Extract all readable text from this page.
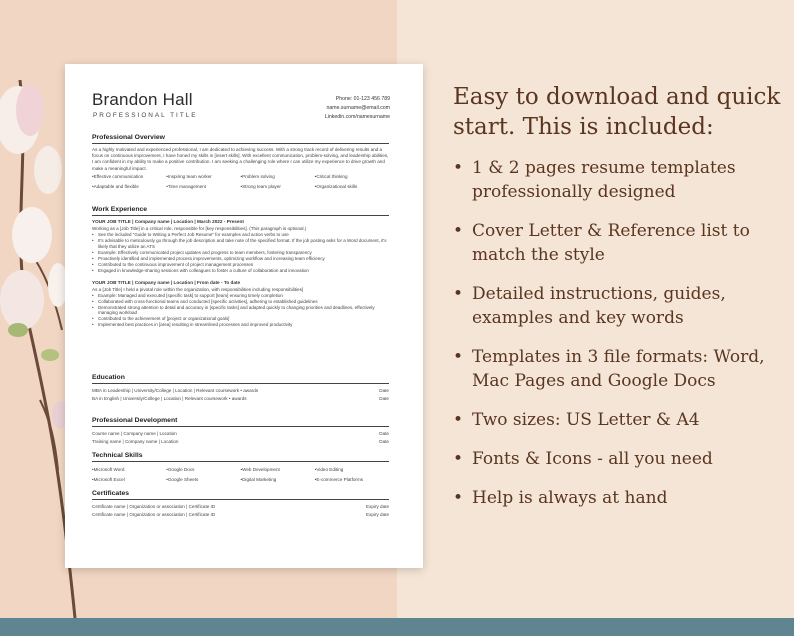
Brandon Hall
PROFESSIONAL TITLE
Phone: 01-123 456 789
name.surname@email.com
Linkedin.com/namesurname
Professional Overview
As a highly motivated and experienced professional, I am dedicated to achieving success. With a strong track record of delivering results and a focus on continuous improvement, I have honed my skills in [insert skills]. With excellent communication, problem-solving, and leadership abilities, I am confident in my ability to make a positive contribution. I am seeking a challenging role where I can utilize my experience to drive growth and make a meaningful impact.
• Effective communication	• Inspiring team worker	• Problem solving	• Critical thinking
• Adaptable and flexible	• Time management	• Strong team player	• Organizational skills
Work Experience
YOUR JOB TITLE | Company name | Location | March 2022 - Present
Working as a [Job Title] in a critical role, responsible for [key responsibilities]. (This paragraph is optional.)
• See the included "Guide to Writing a Perfect Job Resume" for examples and action verbs to use
• It's advisable to meticulously go through the job description and take note of the specified format. If the job posting asks for a Word document, it's likely that they utilize an ATS
• Example: Effectively communicated project updates and progress to team members, fostering transparency
• Proactively identified and implemented process improvements, optimizing workflow and increasing team efficiency
• Contributed to the continuous improvement of project management processes
• Engaged in knowledge-sharing sessions with colleagues to foster a culture of collaboration and innovation
YOUR JOB TITLE | Company name | Location | From date - To date
As a [Job Title] I held a pivotal role within the organization, with responsibilities including responsibilities]
• Example: Managed and executed [specific task] to support [team] ensuring timely completion
• Collaborated with cross-functional teams and conducted [specific activities], adhering to established guidelines
• Demonstrated strong attention to detail and accuracy in [specific tasks] and adapted quickly to changing priorities and deadlines, effectively managing workload
• Contributed to the achievement of [project or organizational goals]
• Implemented best practices in [area] resulting in streamlined processes and improved productivity
Education
MBA in Leadership | University/College | Location | Relevant coursework • awards	Date
BA in English | University/College | Location | Relevant coursework • awards	Date
Professional Development
Course name | Company name | Location	Date
Training name | Company name | Location	Date
Technical Skills
• Microsoft Word	• Google Docs	• Web Development	• Video Editing
• Microsoft Excel	• Google Sheets	• Digital Marketing	• E-commerce Platforms
Certificates
Certificate name | Organization or association | Certificate ID	Expiry date
Certificate name | Organization or association | Certificate ID	Expiry date
Easy to download and quick start. This is included:
• 1 & 2 pages resume templates professionally designed
• Cover Letter & Reference list to match the style
• Detailed instructions, guides, examples and key words
• Templates in 3 file formats: Word, Mac Pages and Google Docs
• Two sizes: US Letter & A4
• Fonts & Icons - all you need
• Help is always at hand
